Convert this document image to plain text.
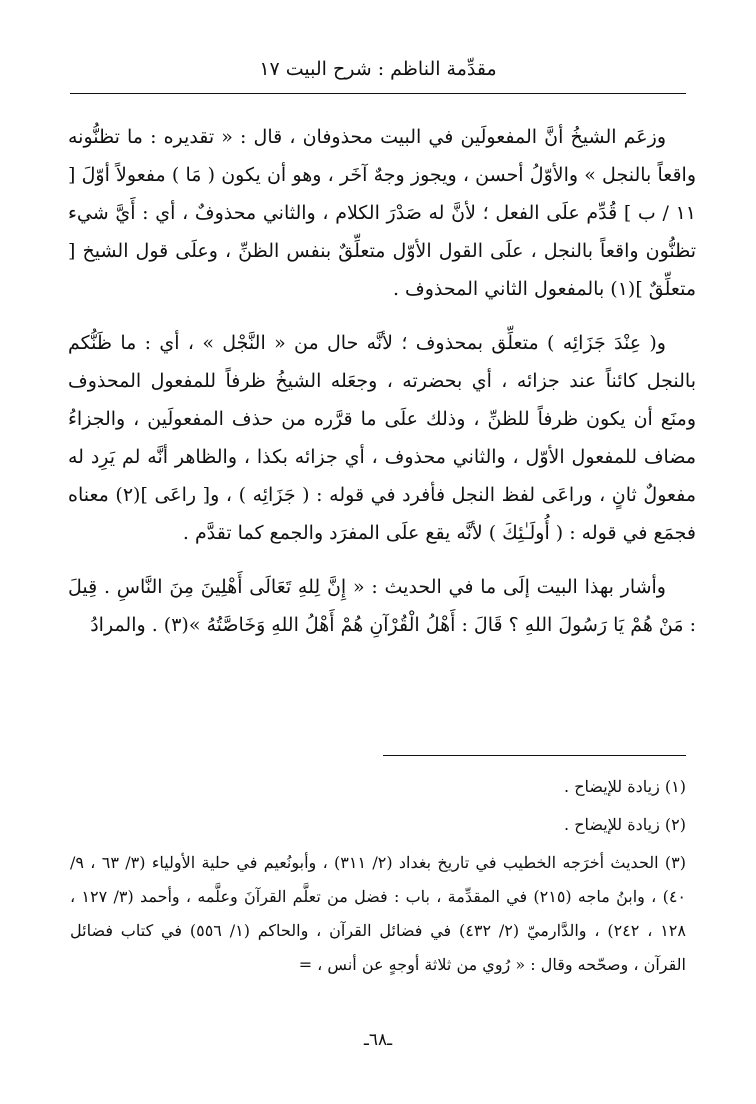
مقدِّمة الناظم : شرح البيت ١٧

وزعَم الشيخُ أنَّ المفعولَين في البيت محذوفان ، قال : « تقديره : ما تظنُّونه واقعاً بالنجل » والأوّلُ أحسن ، ويجوز وجهٌ آخَر ، وهو أن يكون ( مَا ) مفعولاً أوّلَ [ ١١ / ب ] قُدِّم علَى الفعل ؛ لأنَّ له صَدْرَ الكلام ، والثاني محذوفٌ ، أي : أَيَّ شيء تظنُّون واقعاً بالنجل ، علَى القول الأوّل متعلِّقٌ بنفس الظنِّ ، وعلَى قول الشيخ [ متعلِّقٌ ](١) بالمفعول الثاني المحذوف .

و( عِنْدَ جَزَائِه ) متعلِّق بمحذوف ؛ لأنَّه حال من « النَّجْل » ، أي : ما ظَنُّكم بالنجل كائناً عند جزائه ، أي بحضرته ، وجعَله الشيخُ ظرفاً للمفعول المحذوف ومنَع أن يكون ظرفاً للظنِّ ، وذلك علَى ما قرَّره من حذف المفعولَين ، والجزاءُ مضاف للمفعول الأوّل ، والثاني محذوف ، أي جزائه بكذا ، والظاهر أنَّه لم يَرِد له مفعولٌ ثانٍ ، وراعَى لفظ النجل فأفرد في قوله : ( جَزَائِه ) ، و[ راعَى ](٢) معناه فجمَع في قوله : ( أُولَـٰئِكَ ) لأنَّه يقع علَى المفرَد والجمع كما تقدَّم .

وأشار بهذا البيت إلَى ما في الحديث : « إِنَّ لِلهِ تَعَالَى أَهْلِينَ مِنَ النَّاسِ . قِيلَ : مَنْ هُمْ يَا رَسُولَ اللهِ ؟ قَالَ : أَهْلُ الْقُرْآنِ هُمْ أَهْلُ اللهِ وَخَاصَّتُهُ »(٣) . والمرادُ

(١) زيادة للإيضاح .

(٢) زيادة للإيضاح .

(٣) الحديث أخرَجه الخطيب في تاريخ بغداد (٢/ ٣١١) ، وأبونُعيم في حلية الأولياء (٣/ ٦٣ ، ٩/ ٤٠) ، وابنُ ماجه (٢١٥) في المقدِّمة ، باب : فضل من تعلَّم القرآنَ وعلَّمه ، وأحمد (٣/ ١٢٧ ، ١٢٨ ، ٢٤٢) ، والدَّارميّ (٢/ ٤٣٢) في فضائل القرآن ، والحاكم (١/ ٥٥٦) في كتاب فضائل القرآن ، وصحّحه وقال : « رُوي من ثلاثة أوجهٍ عن أنس ، =

ـ٦٨ـ
